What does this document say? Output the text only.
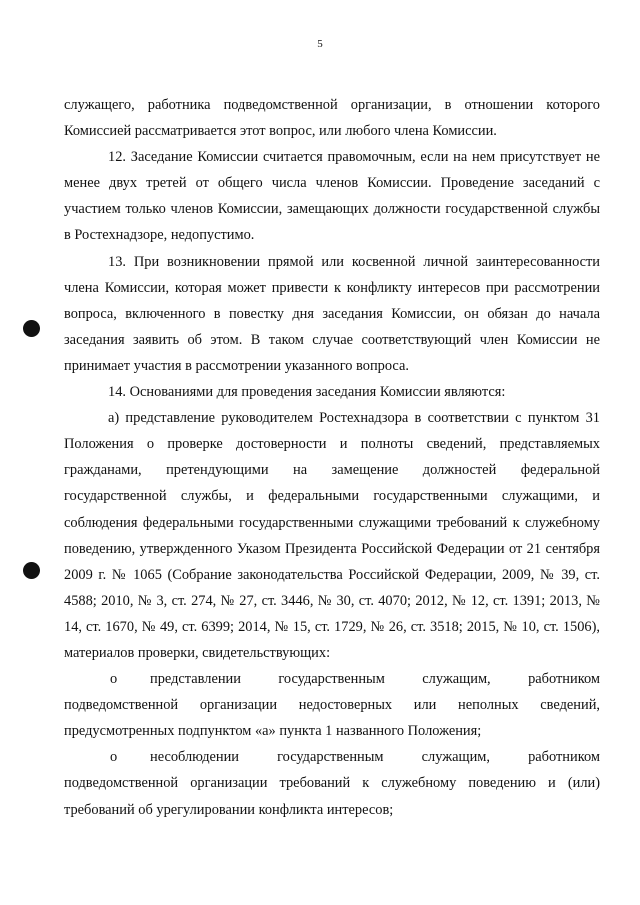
5

служащего, работника подведомственной организации, в отношении которого Комиссией рассматривается этот вопрос, или любого члена Комиссии.

12. Заседание Комиссии считается правомочным, если на нем присутствует не менее двух третей от общего числа членов Комиссии. Проведение заседаний с участием только членов Комиссии, замещающих должности государственной службы в Ростехнадзоре, недопустимо.

13. При возникновении прямой или косвенной личной заинтересованности члена Комиссии, которая может привести к конфликту интересов при рассмотрении вопроса, включенного в повестку дня заседания Комиссии, он обязан до начала заседания заявить об этом. В таком случае соответствующий член Комиссии не принимает участия в рассмотрении указанного вопроса.

14. Основаниями для проведения заседания Комиссии являются:

а) представление руководителем Ростехнадзора в соответствии с пунктом 31 Положения о проверке достоверности и полноты сведений, представляемых гражданами, претендующими на замещение должностей федеральной государственной службы, и федеральными государственными служащими, и соблюдения федеральными государственными служащими требований к служебному поведению, утвержденного Указом Президента Российской Федерации от 21 сентября 2009 г. № 1065 (Собрание законодательства Российской Федерации, 2009, № 39, ст. 4588; 2010, № 3, ст. 274, № 27, ст. 3446, № 30, ст. 4070; 2012, № 12, ст. 1391; 2013, № 14, ст. 1670, № 49, ст. 6399; 2014, № 15, ст. 1729, № 26, ст. 3518; 2015, № 10, ст. 1506), материалов проверки, свидетельствующих:

о	представлении государственным служащим, работником

подведомственной организации недостоверных или неполных сведений, предусмотренных подпунктом «а» пункта 1 названного Положения;

о	несоблюдении государственным служащим, работником

подведомственной организации требований к служебному поведению и (или) требований об урегулировании конфликта интересов;
